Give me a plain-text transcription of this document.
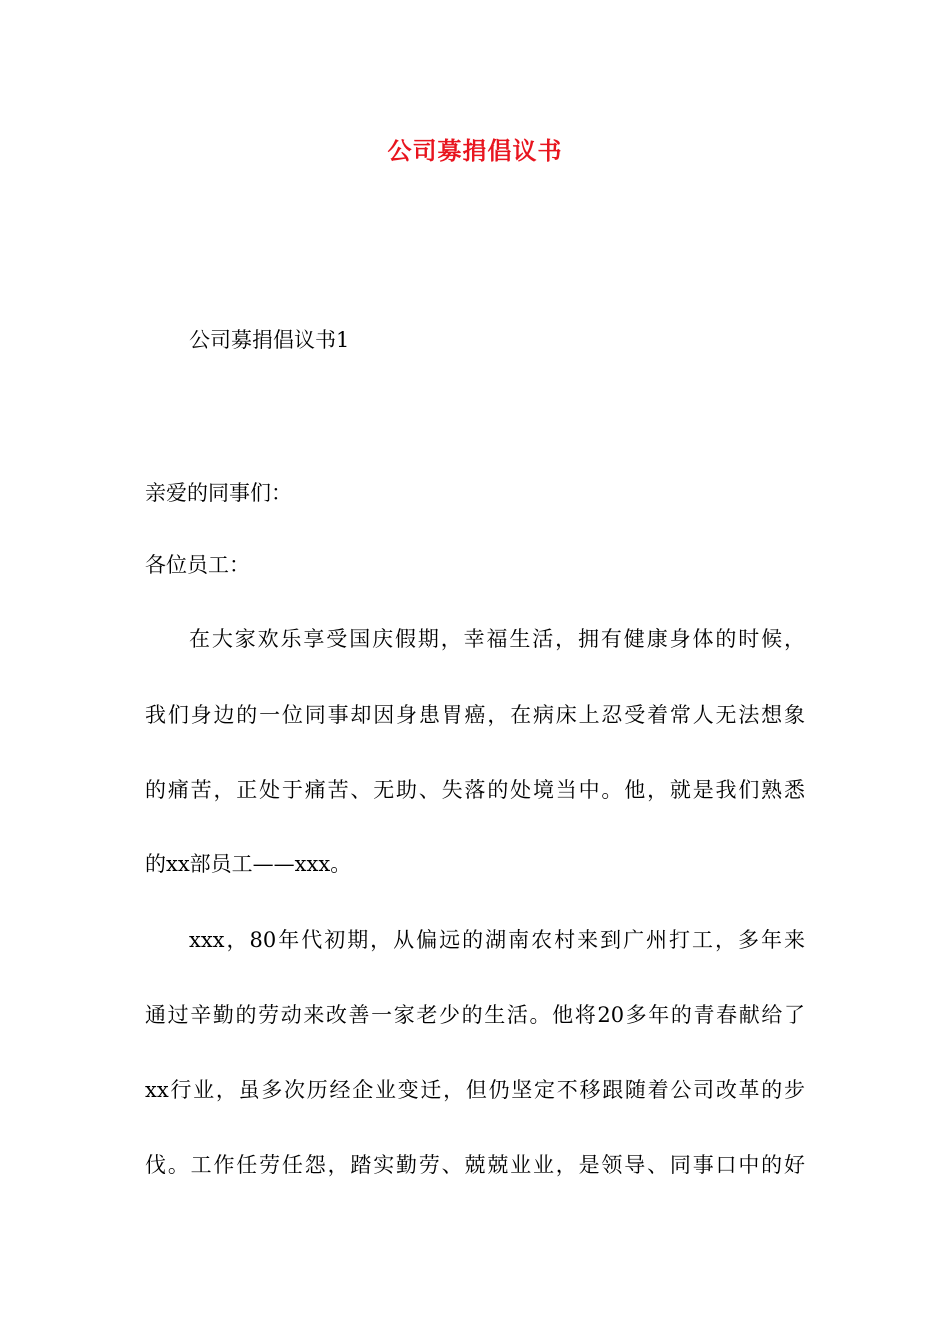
公司募捐倡议书
公司募捐倡议书1
亲爱的同事们：
各位员工：
在大家欢乐享受国庆假期，幸福生活，拥有健康身体的时候，
我们身边的一位同事却因身患胃癌，在病床上忍受着常人无法想象
的痛苦，正处于痛苦、无助、失落的处境当中。他，就是我们熟悉
的xx部员工——xxx。
xxx，80年代初期，从偏远的湖南农村来到广州打工，多年来
通过辛勤的劳动来改善一家老少的生活。他将20多年的青春献给了
xx行业，虽多次历经企业变迁，但仍坚定不移跟随着公司改革的步
伐。工作任劳任怨，踏实勤劳、兢兢业业，是领导、同事口中的好
